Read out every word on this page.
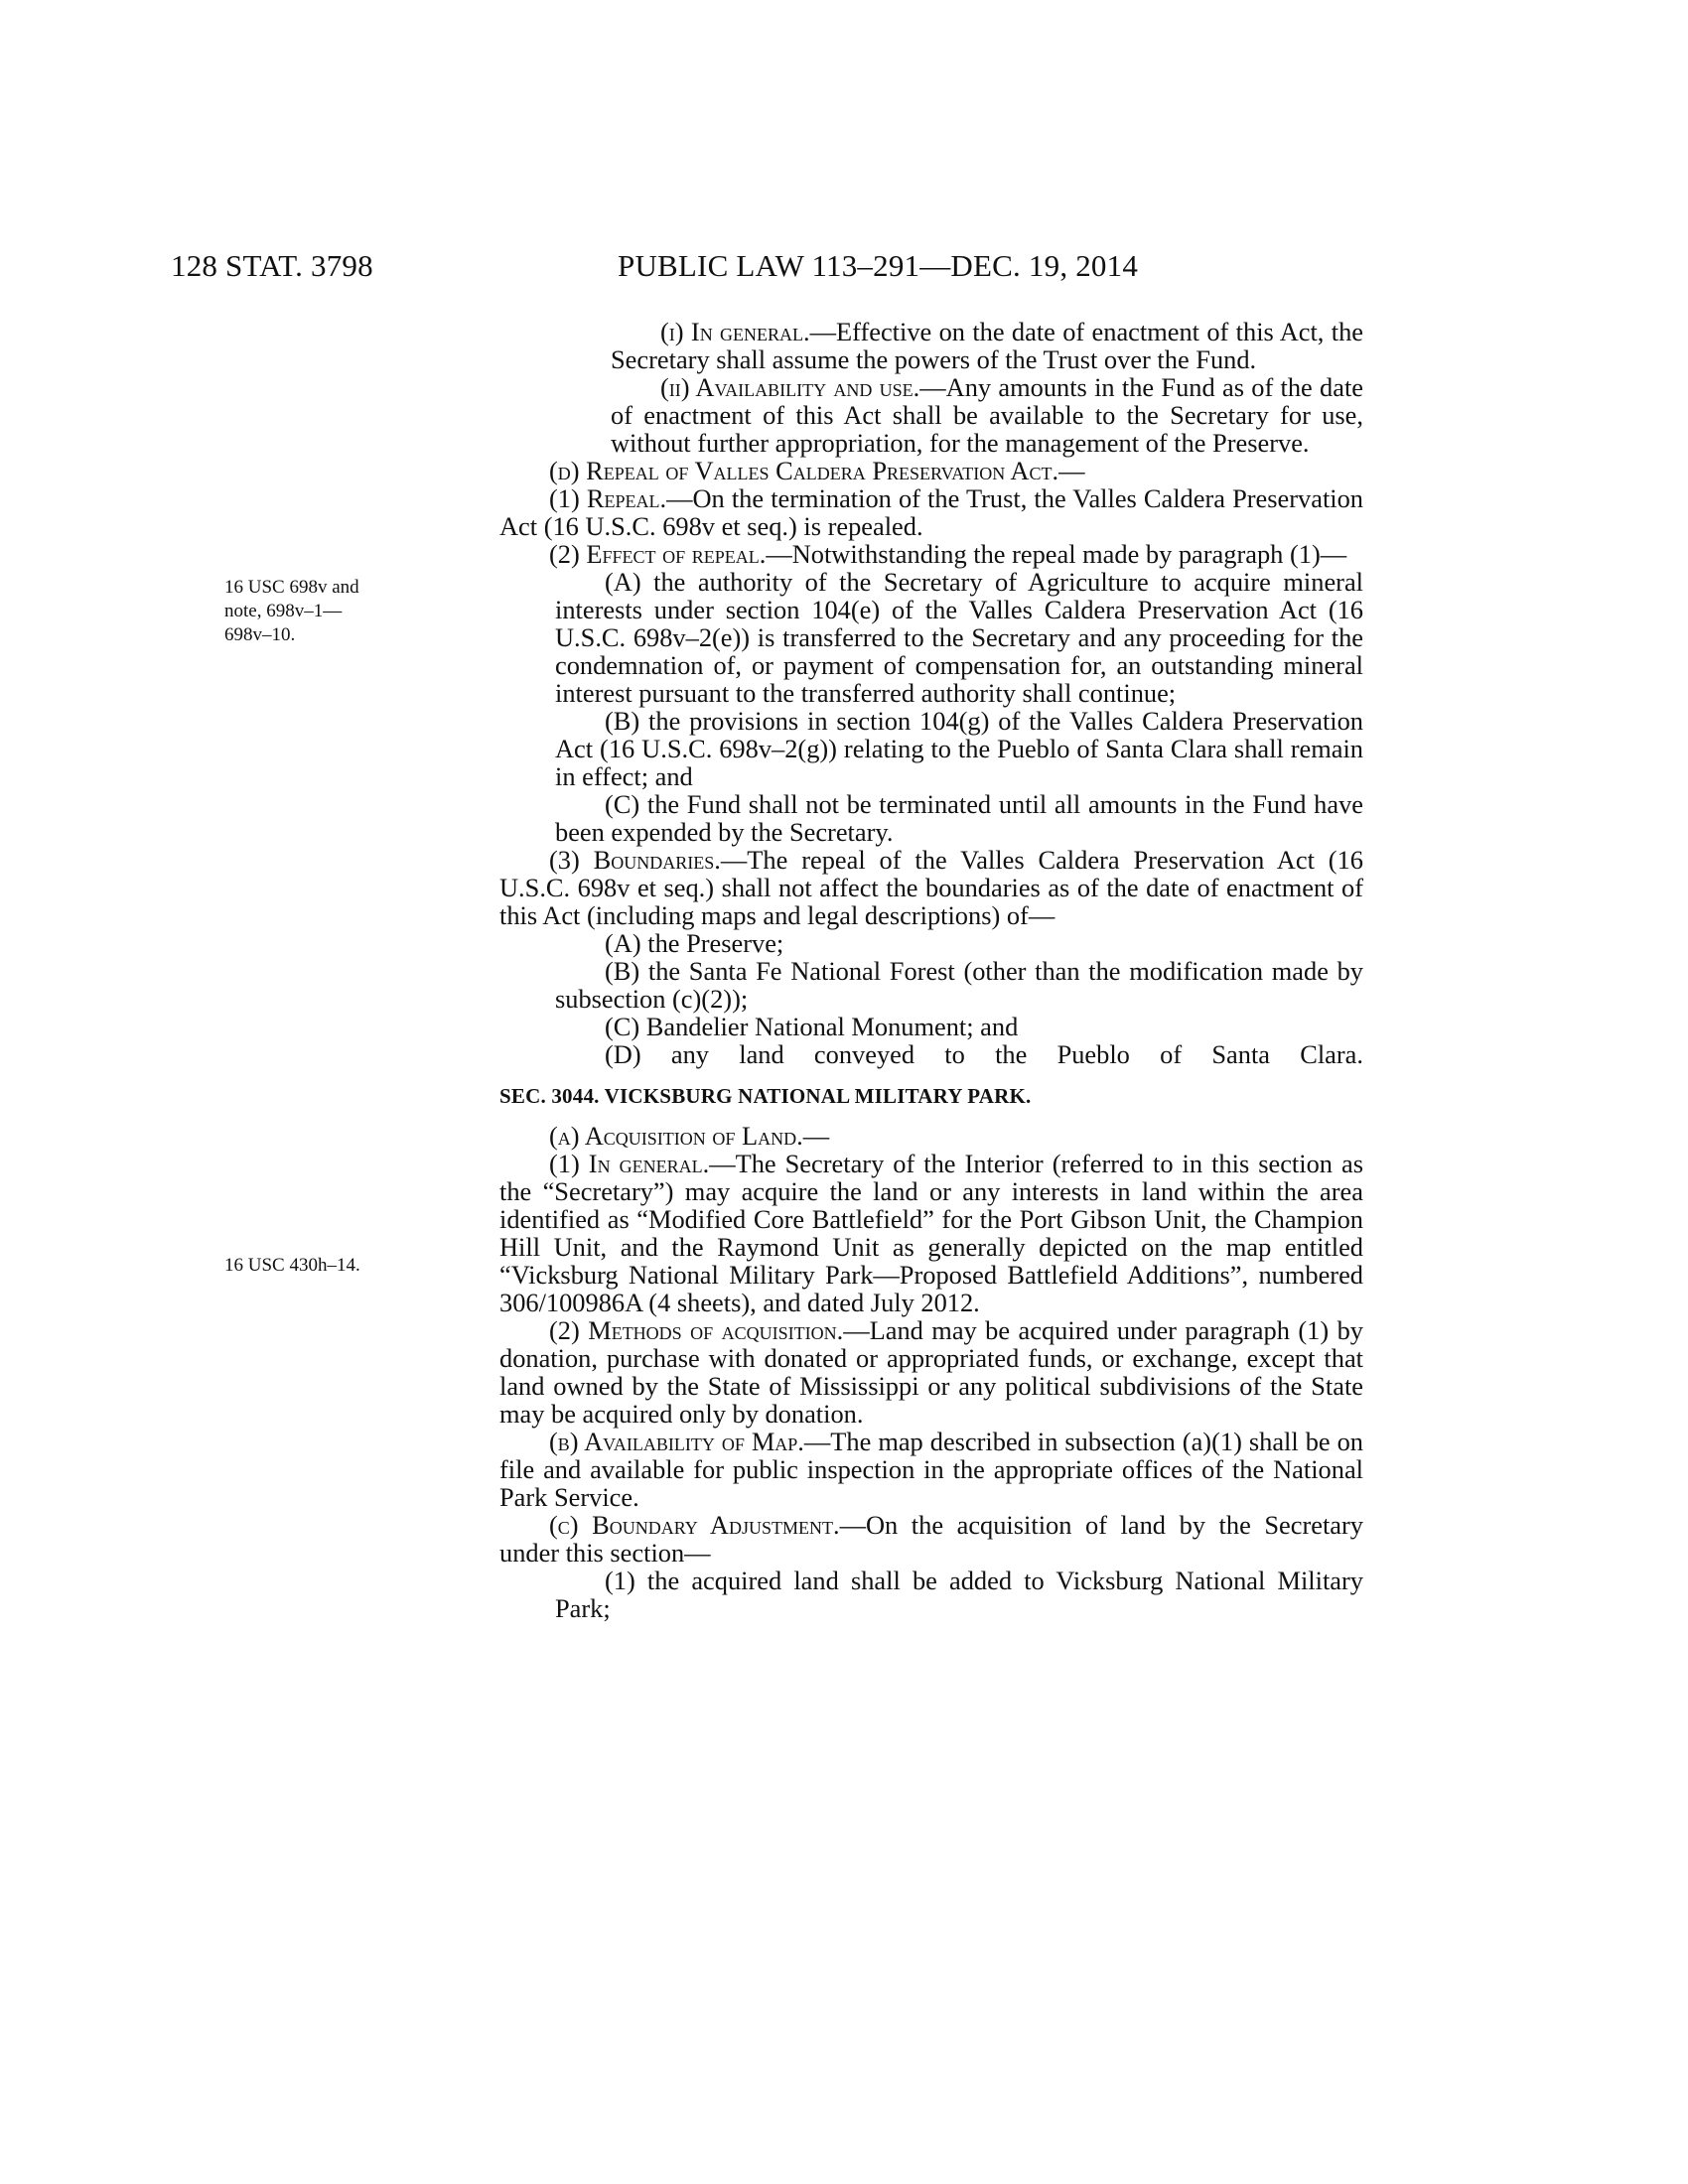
128 STAT. 3798	PUBLIC LAW 113–291—DEC. 19, 2014
16 USC 698v and
note, 698v–1—
698v–10.
16 USC 430h–14.

(i) In general.—Effective on the date of enactment of this Act, the Secretary shall assume the powers of the Trust over the Fund.

(ii) Availability and use.—Any amounts in the Fund as of the date of enactment of this Act shall be available to the Secretary for use, without further appropriation, for the management of the Preserve.

(d) Repeal of Valles Caldera Preservation Act.—

(1) Repeal.—On the termination of the Trust, the Valles Caldera Preservation Act (16 U.S.C. 698v et seq.) is repealed.

(2) Effect of repeal.—Notwithstanding the repeal made by paragraph (1)—

(A) the authority of the Secretary of Agriculture to acquire mineral interests under section 104(e) of the Valles Caldera Preservation Act (16 U.S.C. 698v–2(e)) is transferred to the Secretary and any proceeding for the condemnation of, or payment of compensation for, an outstanding mineral interest pursuant to the transferred authority shall continue;

(B) the provisions in section 104(g) of the Valles Caldera Preservation Act (16 U.S.C. 698v–2(g)) relating to the Pueblo of Santa Clara shall remain in effect; and

(C) the Fund shall not be terminated until all amounts in the Fund have been expended by the Secretary.

(3) Boundaries.—The repeal of the Valles Caldera Preservation Act (16 U.S.C. 698v et seq.) shall not affect the boundaries as of the date of enactment of this Act (including maps and legal descriptions) of—

(A) the Preserve;

(B) the Santa Fe National Forest (other than the modification made by subsection (c)(2));

(C) Bandelier National Monument; and

(D) any land conveyed to the Pueblo of Santa Clara.

SEC. 3044. VICKSBURG NATIONAL MILITARY PARK.

(a) Acquisition of Land.—

(1) In general.—The Secretary of the Interior (referred to in this section as the “Secretary”) may acquire the land or any interests in land within the area identified as “Modified Core Battlefield” for the Port Gibson Unit, the Champion Hill Unit, and the Raymond Unit as generally depicted on the map entitled “Vicksburg National Military Park—Proposed Battlefield Additions”, numbered 306/100986A (4 sheets), and dated July 2012.

(2) Methods of acquisition.—Land may be acquired under paragraph (1) by donation, purchase with donated or appropriated funds, or exchange, except that land owned by the State of Mississippi or any political subdivisions of the State may be acquired only by donation.

(b) Availability of Map.—The map described in subsection (a)(1) shall be on file and available for public inspection in the appropriate offices of the National Park Service.

(c) Boundary Adjustment.—On the acquisition of land by the Secretary under this section—

(1) the acquired land shall be added to Vicksburg National Military Park;
